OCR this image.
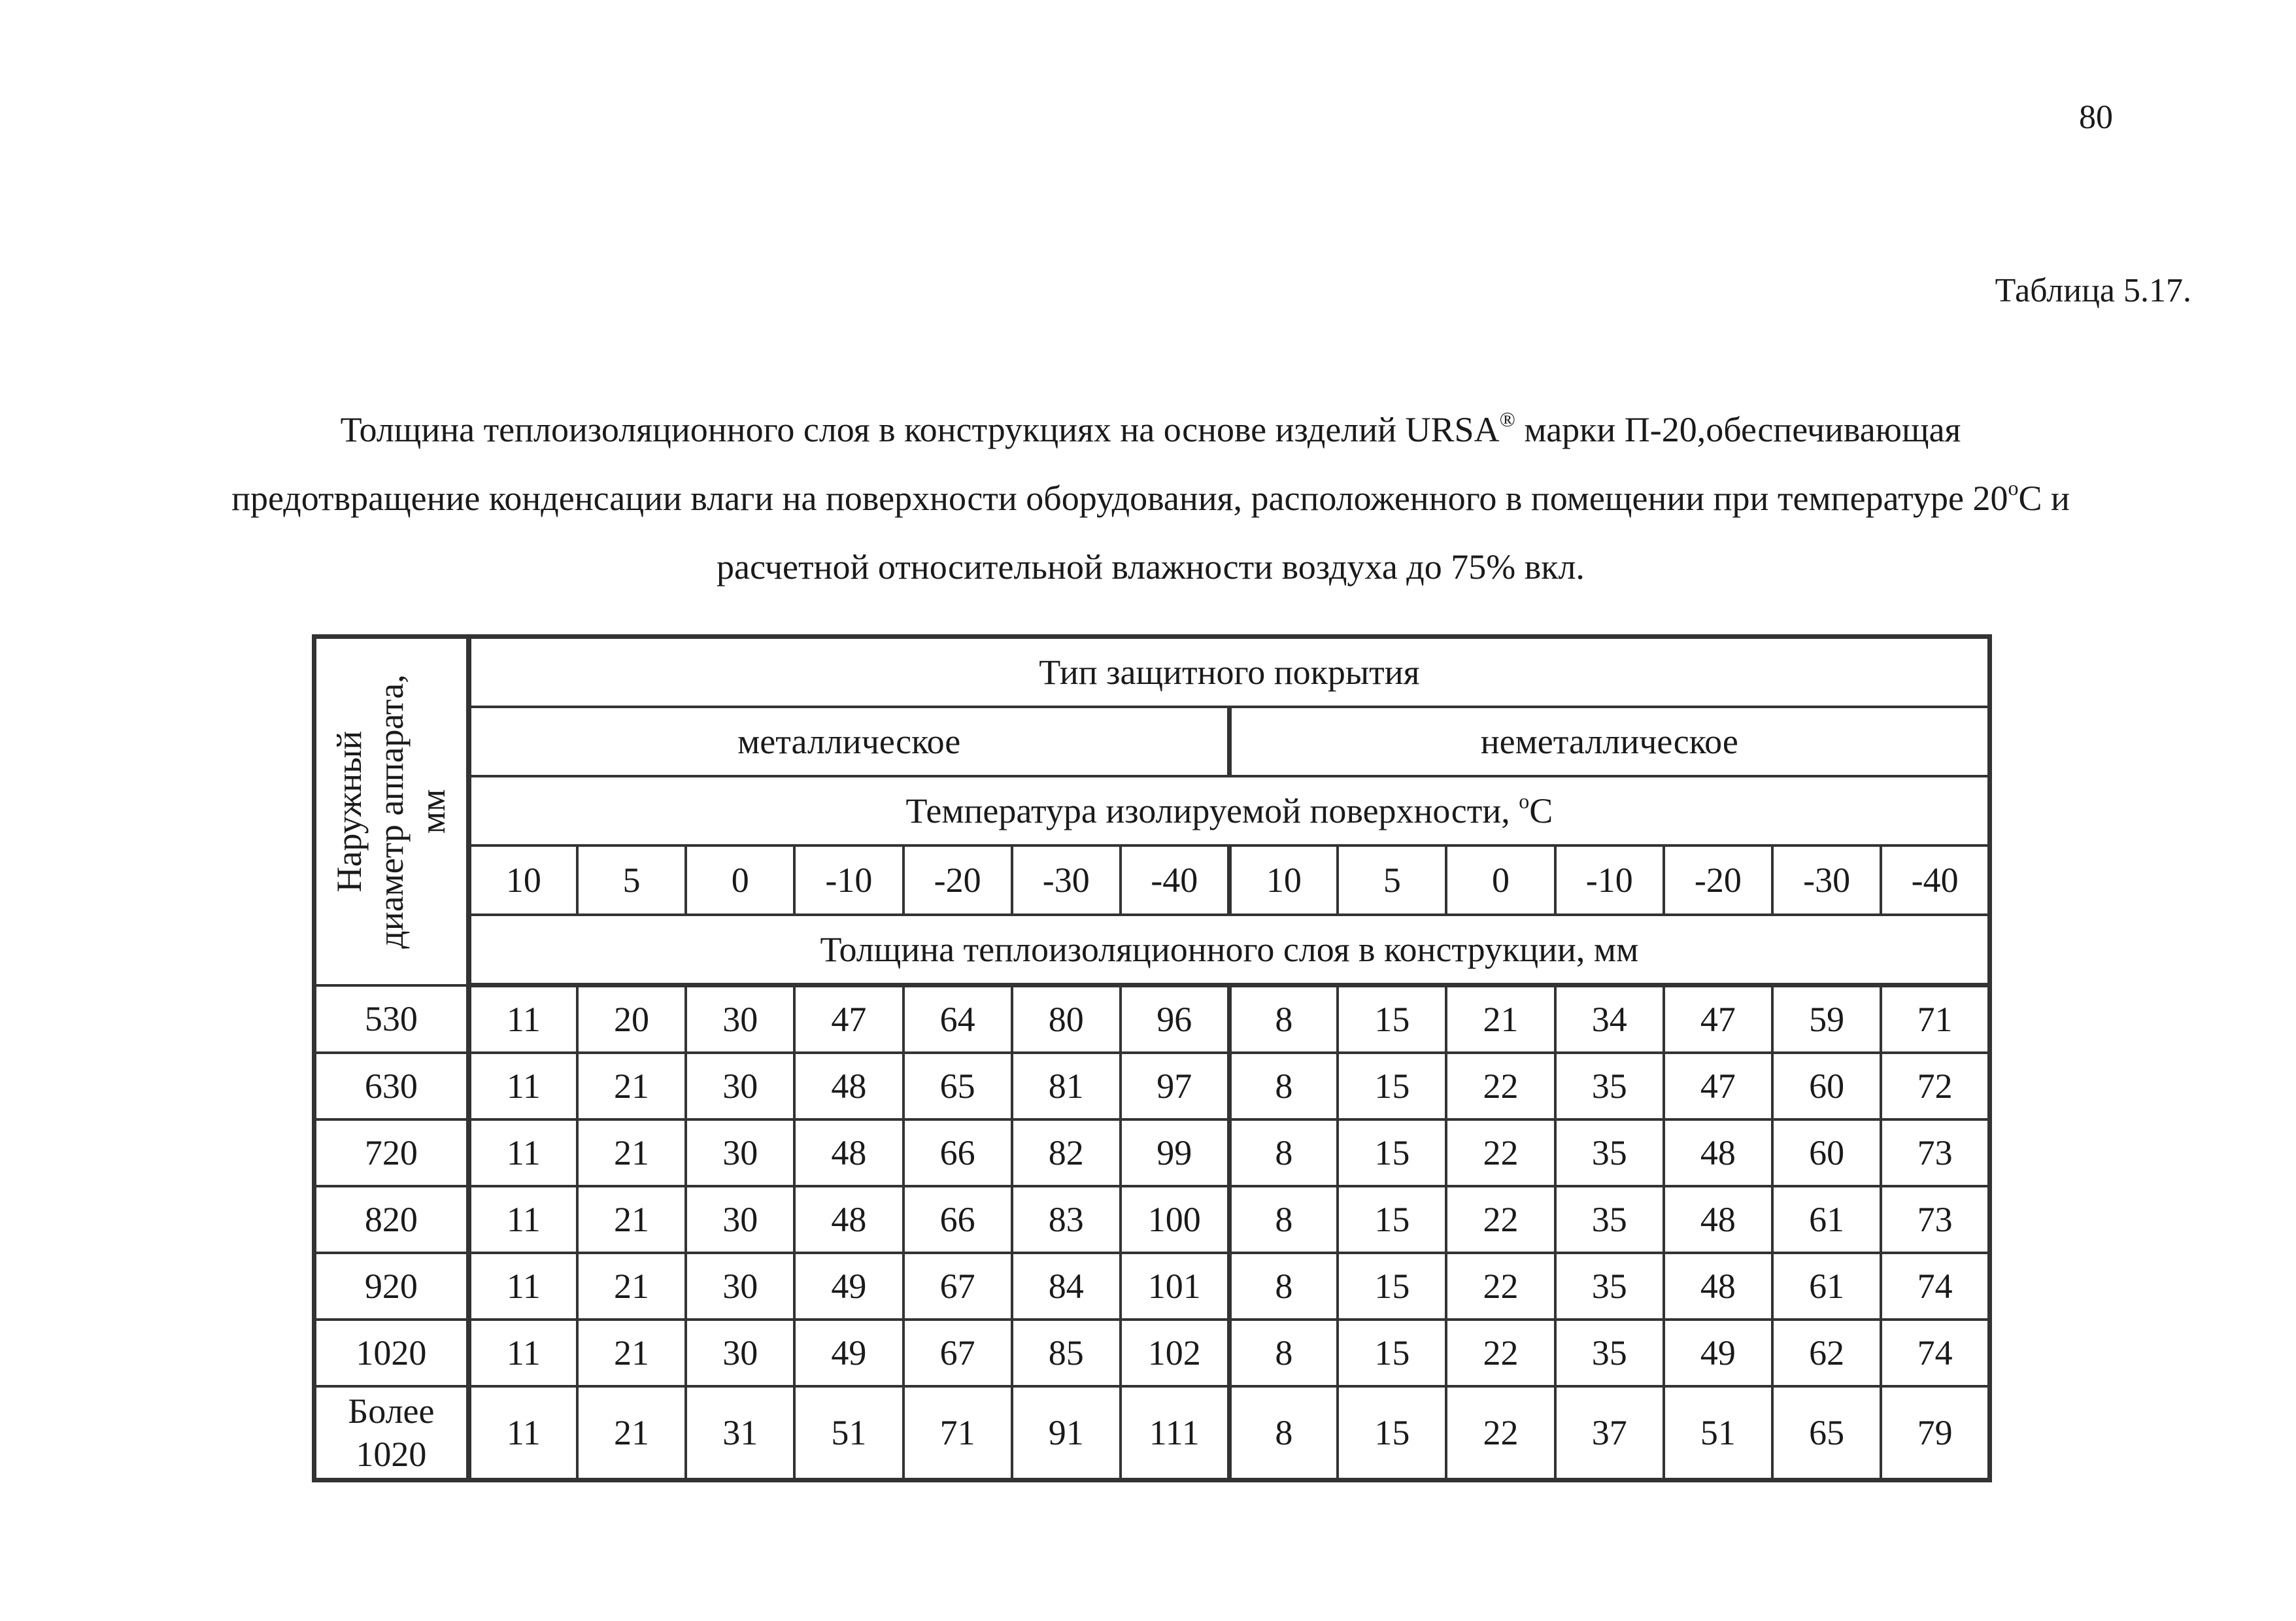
80
Таблица 5.17.
Толщина теплоизоляционного слоя в конструкциях на основе изделий URSA® марки П-20,обеспечивающая
предотвращение конденсации влаги на поверхности оборудования, расположенного в помещении при температуре 20$^o$С и
расчетной относительной влажности воздуха до 75% вкл.
Наружный диаметр аппарата, мм	Тип защитного покрытия													
	металлическое							неметаллическое						
	Температура изолируемой поверхности, $^o$С													
	10	5	0	-10	-20	-30	-40	10	5	0	-10	-20	-30	-40
	Толщина теплоизоляционного слоя в конструкции, мм													
530	11	20	30	47	64	80	96	8	15	21	34	47	59	71
630	11	21	30	48	65	81	97	8	15	22	35	47	60	72
720	11	21	30	48	66	82	99	8	15	22	35	48	60	73
820	11	21	30	48	66	83	100	8	15	22	35	48	61	73
920	11	21	30	49	67	84	101	8	15	22	35	48	61	74
1020	11	21	30	49	67	85	102	8	15	22	35	49	62	74

Более
1020	11	21	31	51	71	91	111	8	15	22	37	51	65	79
